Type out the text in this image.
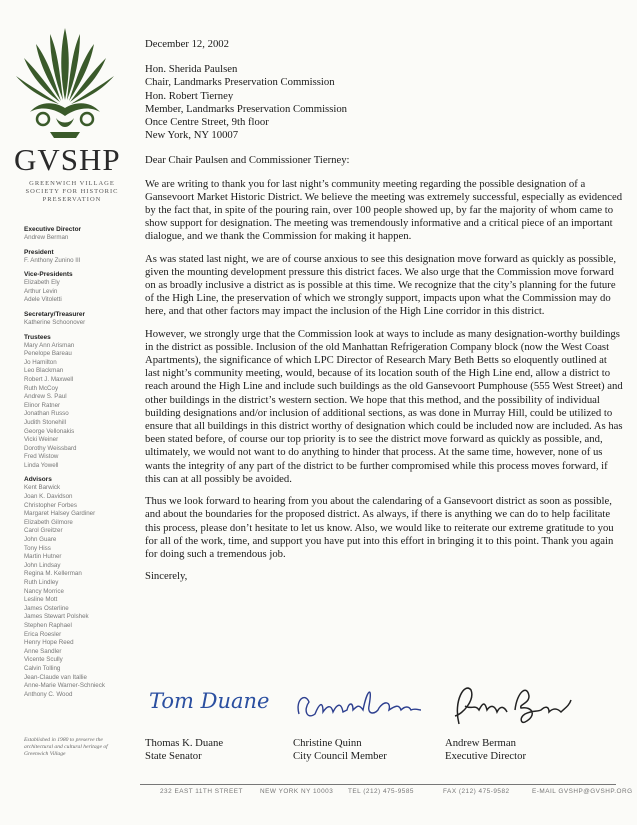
GVSHP
GREENWICH VILLAGE SOCIETY FOR HISTORIC PRESERVATION
Executive Director
Andrew Berman
President
F. Anthony Zunino III
Vice-Presidents
Elizabeth Ely
Arthur Levin
Adele Vitoletti
Secretary/Treasurer
Katherine Schoonover
Trustees
Mary Ann Arisman
Penelope Bareau
Jo Hamilton
Leo Blackman
Robert J. Maxwell
Ruth McCoy
Andrew S. Paul
Elinor Ratner
Jonathan Russo
Judith Stonehill
George Vellonakis
Vicki Weiner
Dorothy Weissbard
Fred Wistow
Linda Yowell
Advisors
Kent Barwick
Joan K. Davidson
Christopher Forbes
Margaret Halsey Gardiner
Elizabeth Gilmore
Carol Greitzer
John Guare
Tony Hiss
Martin Hutner
John Lindsay
Regina M. Kellerman
Ruth Lindley
Nancy Morrice
Lesline Mott
James Osterline
James Stewart Polshek
Stephen Raphael
Erica Roesler
Henry Hope Reed
Anne Sandler
Vicente Scully
Calvin Tolling
Jean-Claude van Itallie
Anne-Marie Warner-Schnieck
Anthony C. Wood
Established in 1980 to preserve the architectural and cultural heritage of Greenwich Village

December 12, 2002

Hon. Sherida Paulsen

Chair, Landmarks Preservation Commission

Hon. Robert Tierney

Member, Landmarks Preservation Commission

Once Centre Street, 9th floor

New York, NY 10007

Dear Chair Paulsen and Commissioner Tierney:

We are writing to thank you for last night’s community meeting regarding the possible designation of a Gansevoort Market Historic District. We believe the meeting was extremely successful, especially as evidenced by the fact that, in spite of the pouring rain, over 100 people showed up, by far the majority of whom came to show support for designation. The meeting was tremendously informative and a critical piece of an important dialogue, and we thank the Commission for making it happen.

As was stated last night, we are of course anxious to see this designation move forward as quickly as possible, given the mounting development pressure this district faces. We also urge that the Commission move forward on as broadly inclusive a district as is possible at this time. We recognize that the city’s planning for the future of the High Line, the preservation of which we strongly support, impacts upon what the Commission may do here, and that other factors may impact the inclusion of the High Line corridor in this district.

However, we strongly urge that the Commission look at ways to include as many designation-worthy buildings in the district as possible. Inclusion of the old Manhattan Refrigeration Company block (now the West Coast Apartments), the significance of which LPC Director of Research Mary Beth Betts so eloquently outlined at last night’s community meeting, would, because of its location south of the High Line end, allow a district to reach around the High Line and include such buildings as the old Gansevoort Pumphouse (555 West Street) and other buildings in the district’s western section. We hope that this method, and the possibility of individual building designations and/or inclusion of additional sections, as was done in Murray Hill, could be utilized to ensure that all buildings in this district worthy of designation which could be included now are included. As has been stated before, of course our top priority is to see the district move forward as quickly as possible, and, ultimately, we would not want to do anything to hinder that process. At the same time, however, none of us wants the integrity of any part of the district to be further compromised while this process moves forward, if this can at all possibly be avoided.

Thus we look forward to hearing from you about the calendaring of a Gansevoort district as soon as possible, and about the boundaries for the proposed district. As always, if there is anything we can do to help facilitate this process, please don’t hesitate to let us know. Also, we would like to reiterate our extreme gratitude to you for all of the work, time, and support you have put into this effort in bringing it to this point. Thank you again for doing such a tremendous job.

Sincerely,

Tom Duane
Thomas K. Duane
State Senator
Christine Quinn
City Council Member
Andrew Berman
Executive Director
232 EAST 11TH STREET	NEW YORK NY 10003 TEL (212) 475-9585	FAX (212) 475-9582	E-MAIL GVSHP@GVSHP.ORG
